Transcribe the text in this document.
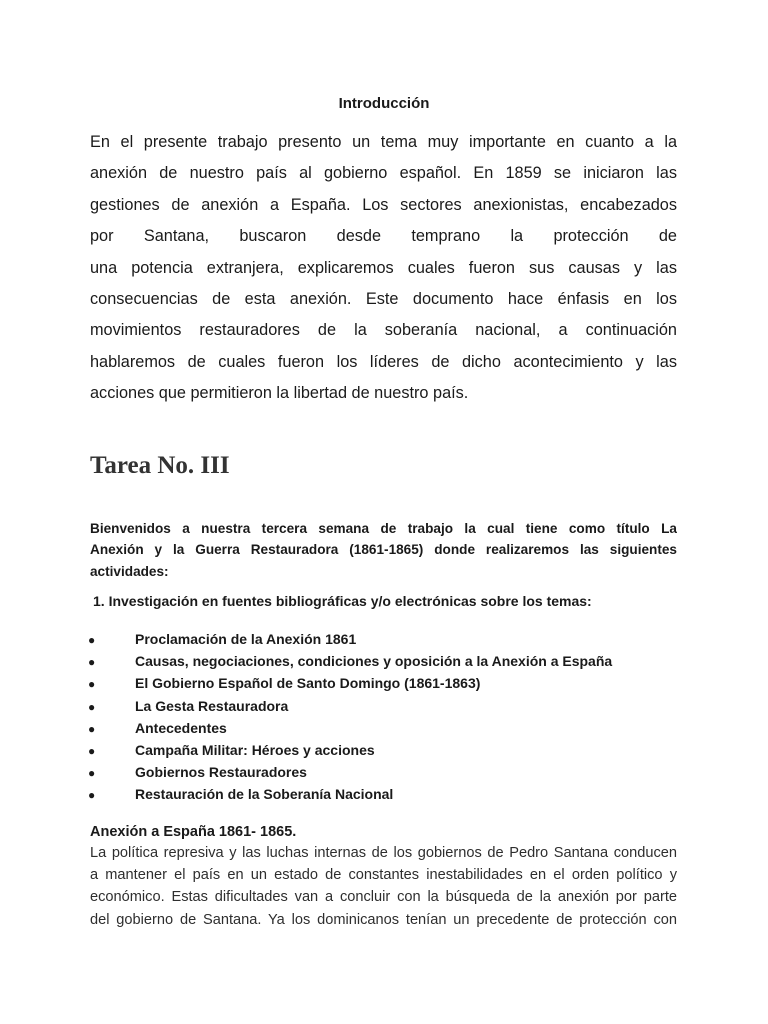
Introducción
En el presente trabajo presento un tema muy importante en cuanto a la
anexión de nuestro país al gobierno español. En 1859 se iniciaron las
gestiones de anexión a España. Los sectores anexionistas, encabezados
por Santana, buscaron desde temprano la protección de
una potencia extranjera, explicaremos cuales fueron sus causas y las
consecuencias de esta anexión. Este documento hace énfasis en los
movimientos restauradores de la soberanía nacional, a continuación
hablaremos de cuales fueron los líderes de dicho acontecimiento y las
acciones que permitieron la libertad de nuestro país.
Tarea No. III
Bienvenidos a nuestra tercera semana de trabajo la cual tiene como título La
Anexión y la Guerra Restauradora (1861-1865) donde realizaremos las siguientes
actividades:
1. Investigación en fuentes bibliográficas y/o electrónicas sobre los temas:
●	Proclamación de la Anexión 1861
●	Causas, negociaciones, condiciones y oposición a la Anexión a España
●	El Gobierno Español de Santo Domingo (1861-1863)
●	La Gesta Restauradora
●	Antecedentes
●	Campaña Militar: Héroes y acciones
●	Gobiernos Restauradores
●	Restauración de la Soberanía Nacional
Anexión a España 1861- 1865.
La política represiva y las luchas internas de los gobiernos de Pedro Santana conducen
a mantener el país en un estado de constantes inestabilidades en el orden político y
económico. Estas dificultades van a concluir con la búsqueda de la anexión por parte
del gobierno de Santana. Ya los dominicanos tenían un precedente de protección con
